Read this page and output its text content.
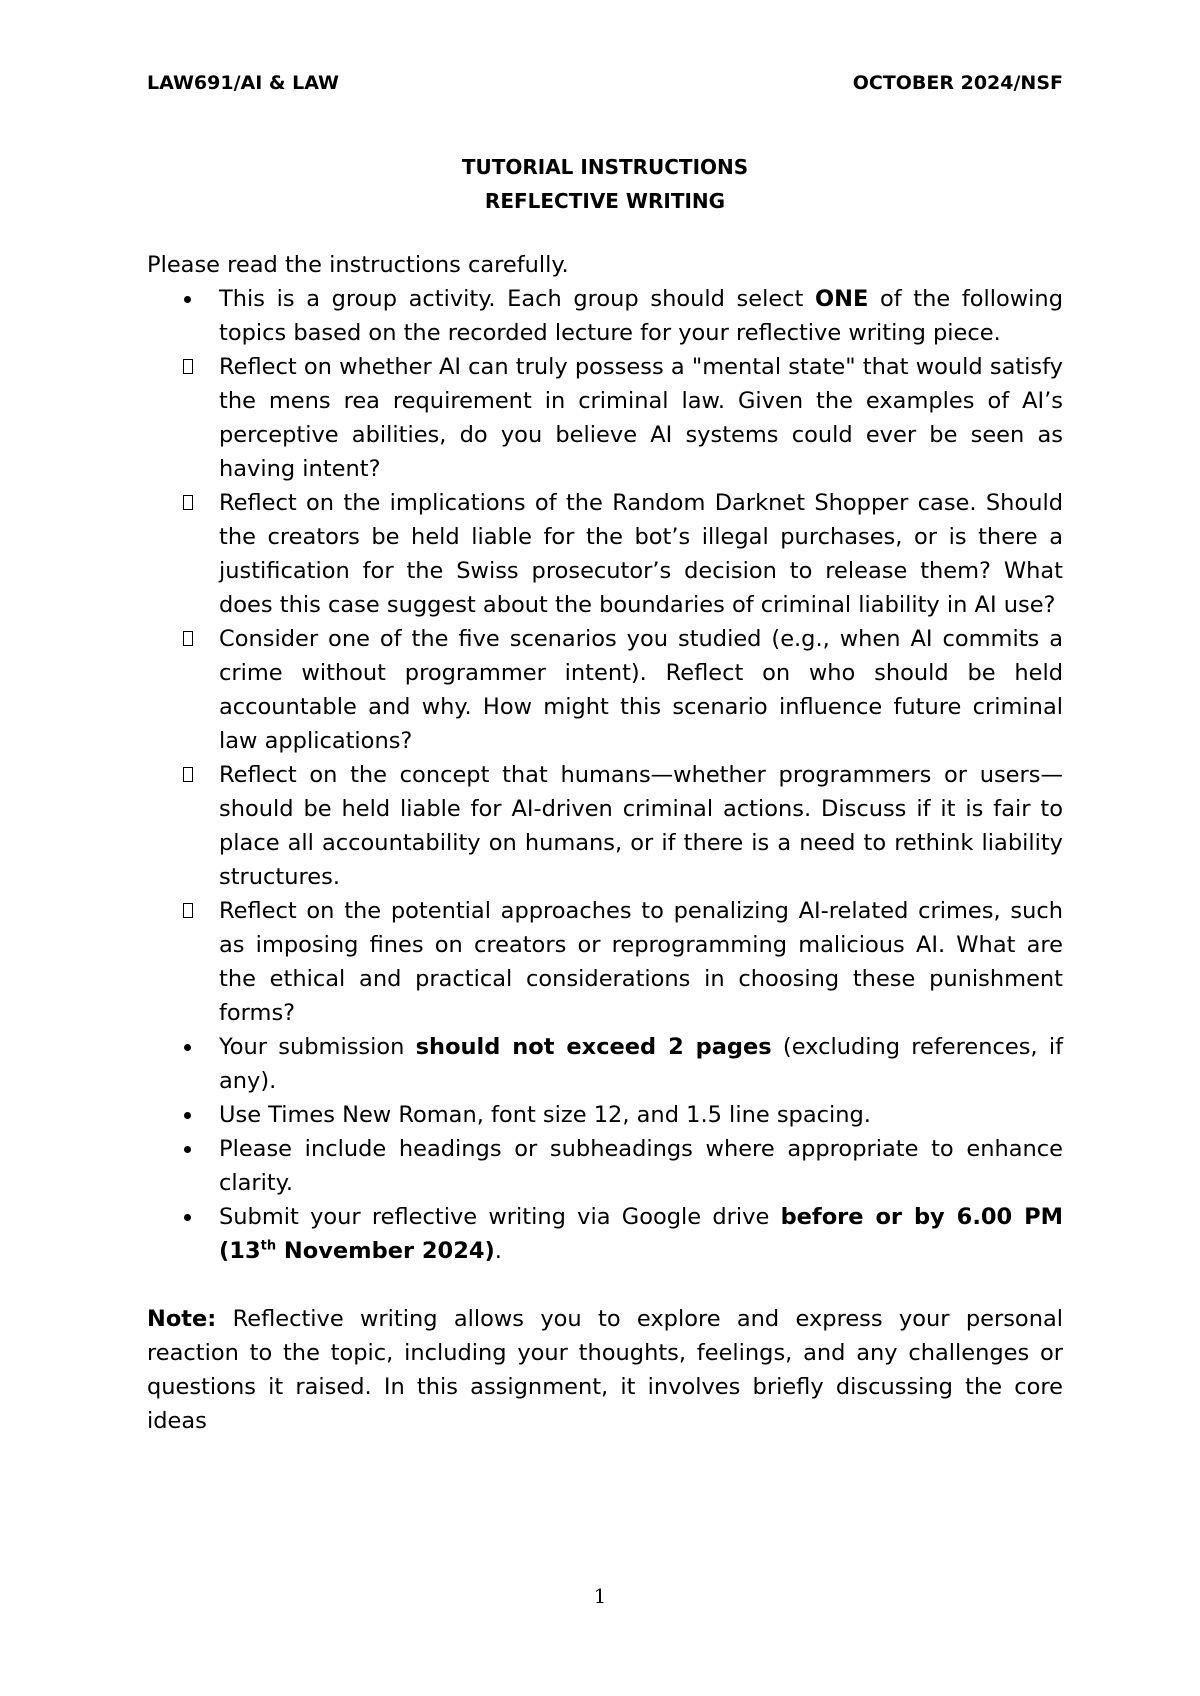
LAW691/AI & LAW	OCTOBER 2024/NSF
TUTORIAL INSTRUCTIONS
REFLECTIVE WRITING

Please read the instructions carefully.

This is a group activity. Each group should select ONE of the following topics based on the recorded lecture for your reflective writing piece.
Reflect on whether AI can truly possess a "mental state" that would satisfy the mens rea requirement in criminal law. Given the examples of AI’s perceptive abilities, do you believe AI systems could ever be seen as having intent?
Reflect on the implications of the Random Darknet Shopper case. Should the creators be held liable for the bot’s illegal purchases, or is there a justification for the Swiss prosecutor’s decision to release them? What does this case suggest about the boundaries of criminal liability in AI use?
Consider one of the five scenarios you studied (e.g., when AI commits a crime without programmer intent). Reflect on who should be held accountable and why. How might this scenario influence future criminal law applications?
Reflect on the concept that humans—whether programmers or users—should be held liable for AI-driven criminal actions. Discuss if it is fair to place all accountability on humans, or if there is a need to rethink liability structures.
Reflect on the potential approaches to penalizing AI-related crimes, such as imposing fines on creators or reprogramming malicious AI. What are the ethical and practical considerations in choosing these punishment forms?
Your submission should not exceed 2 pages (excluding references, if any).
Use Times New Roman, font size 12, and 1.5 line spacing.
Please include headings or subheadings where appropriate to enhance clarity.
Submit your reflective writing via Google drive before or by 6.00 PM (13th November 2024).

Note: Reflective writing allows you to explore and express your personal reaction to the topic, including your thoughts, feelings, and any challenges or questions it raised. In this assignment, it involves briefly discussing the core ideas

1
